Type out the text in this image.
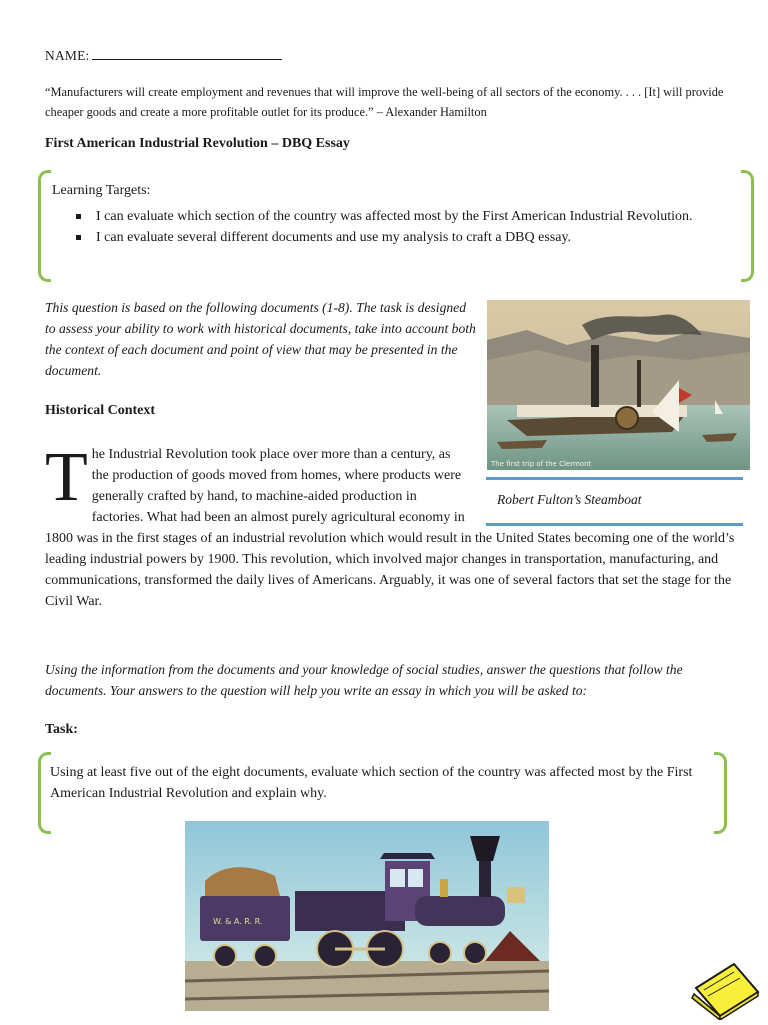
NAME:
“Manufacturers will create employment and revenues that will improve the well-being of all sectors of the economy. . . . [It] will provide cheaper goods and create a more profitable outlet for its produce.” – Alexander Hamilton
First American Industrial Revolution – DBQ Essay
Learning Targets:
I can evaluate which section of the country was affected most by the First American Industrial Revolution.
I can evaluate several different documents and use my analysis to craft a DBQ essay.
This question is based on the following documents (1-8). The task is designed to assess your ability to work with historical documents, take into account both the context of each document and point of view that may be presented in the document.
Historical Context
The Industrial Revolution took place over more than a century, as the production of goods moved from homes, where products were generally crafted by hand, to machine-aided production in factories. What had been an almost purely agricultural economy in 1800 was in the first stages of an industrial revolution which would result in the United States becoming one of the world’s leading industrial powers by 1900. This revolution, which involved major changes in transportation, manufacturing, and communications, transformed the daily lives of Americans. Arguably, it was one of several factors that set the stage for the Civil War.
The first trip of the Clermont
Robert Fulton’s Steamboat
Using the information from the documents and your knowledge of social studies, answer the questions that follow the documents. Your answers to the question will help you write an essay in which you will be asked to:
Task:
Using at least five out of the eight documents, evaluate which section of the country was affected most by the First American Industrial Revolution and explain why.
W. & A. R. R.
